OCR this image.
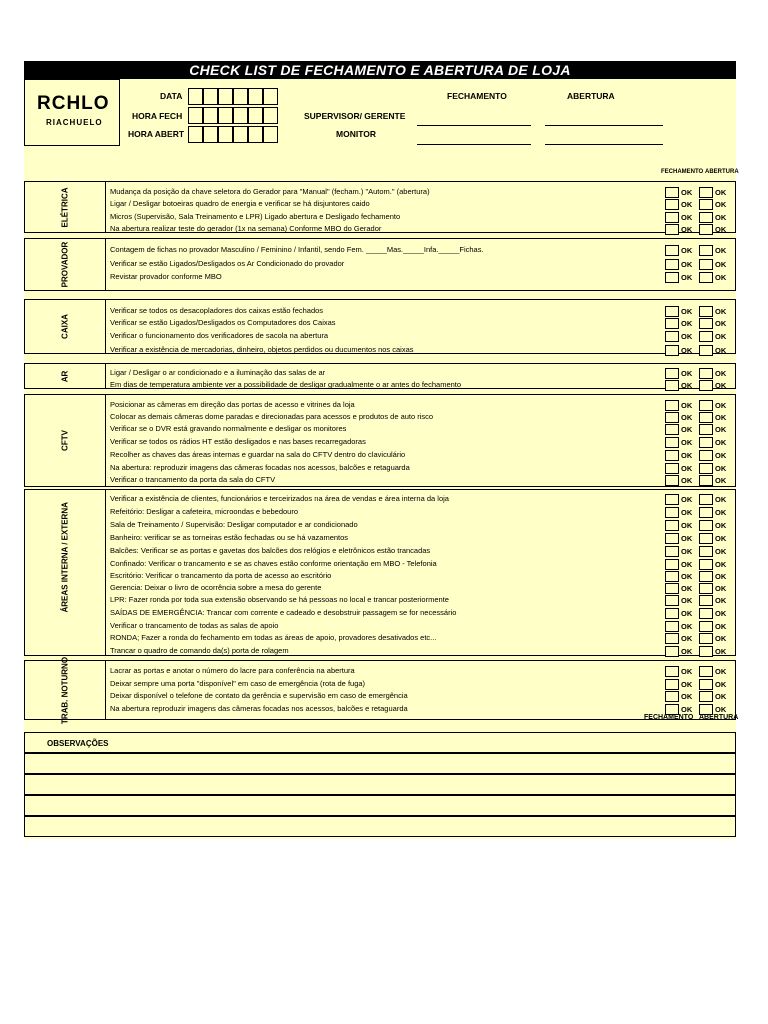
CHECK LIST DE FECHAMENTO E ABERTURA DE LOJA
RCHLO
RIACHUELO
DATA
HORA FECH
HORA ABERT
FECHAMENTO	ABERTURA
SUPERVISOR/ GERENTE
MONITOR
FECHAMENTO ABERTURA
ELÉTRICA	Mudança da posição da chave seletora do Gerador para "Manual" (fecham.) "Autom." (abertura)	OK	OK
Ligar / Desligar botoeiras quadro de energia e verificar se há disjuntores caido	OK	OK
Micros (Supervisão, Sala Treinamento e LPR) Ligado abertura e Desligado fechamento	OK	OK
Na abertura realizar teste do gerador (1x na semana) Conforme MBO do Gerador	OK	OK
PROVADOR	Contagem de fichas no provador Masculino / Feminino / Infantil, sendo Fem. _____Mas._____Infa._____Fichas.	OK	OK
Verificar se estão Ligados/Desligados os Ar Condicionado do provador	OK	OK
Revistar provador conforme MBO	OK	OK
CAIXA
Verificar se todos os desacopladores dos caixas estão fechados	OK	OK
Verificar se estão Ligados/Desligados os Computadores dos Caixas	OK	OK
Verificar o funcionamento dos verificadores de sacola na abertura	OK	OK
Verificar a existência de mercadorias, dinheiro, objetos perdidos ou ducumentos nos caixas	OK	OK
AR	Ligar / Desligar o ar condicionado e a iluminação das salas de ar	OK	OK
Em dias de temperatura ambiente ver a possibilidade de desligar gradualmente o ar antes do fechamento	OK	OK
CFTV
Posicionar as câmeras em direção das portas de acesso e vitrines da loja	OK	OK
Colocar as demais câmeras dome paradas e direcionadas para acessos e produtos de auto risco	OK	OK
Verificar se o DVR está gravando normalmente e desligar os monitores	OK	OK
Verificar se todos os rádios HT estão desligados e nas bases recarregadoras	OK	OK
Recolher as chaves das áreas internas e guardar na sala do CFTV dentro do claviculário	OK	OK
Na abertura: reproduzir imagens das câmeras focadas nos acessos, balcões e retaguarda	OK	OK
Verificar o trancamento da porta da sala do CFTV	OK	OK
ÁREAS INTERNA / EXTERNA
Verificar a existência de clientes, funcionários e terceirizados na área de vendas e área interna da loja	OK	OK
Refeitório: Desligar a cafeteira, microondas e bebedouro	OK	OK
Sala de Treinamento / Supervisão: Desligar computador e ar condicionado	OK	OK
Banheiro: verificar se as torneiras estão fechadas ou se há vazamentos	OK	OK
Balcões: Verificar se as portas e gavetas dos balcões dos relógios e eletrônicos estão trancadas	OK	OK
Confinado: Verificar o trancamento e se as chaves estão conforme orientação em MBO - Telefonia	OK	OK
Escritório: Verificar o trancamento da porta de acesso ao escritório	OK	OK
Gerencia: Deixar o livro de ocorrência sobre a mesa do gerente	OK	OK
LPR: Fazer ronda por toda sua extensão observando se há pessoas no local e trancar posteriormente	OK	OK
SAÍDAS DE EMERGÊNCIA: Trancar com corrente e cadeado e desobstruir passagem se for necessário	OK	OK
Verificar o trancamento de todas as salas de apoio	OK	OK
RONDA; Fazer a ronda do fechamento em todas as áreas de apoio, provadores desativados etc...	OK	OK
Trancar o quadro de comando da(s) porta de rolagem	OK	OK
TRAB. NOTURNO	Lacrar as portas e anotar o número do lacre para conferência na abertura	OK	OK
Deixar sempre uma porta "disponível" em caso de emergência (rota de fuga)	OK	OK
Deixar disponível o telefone de contato da gerência e supervisão em caso de emergência	OK	OK
Na abertura reproduzir imagens das câmeras focadas nos acessos, balcões e retaguarda	OK	OK
FECHAMENTO ABERTURA
OBSERVAÇÕES
